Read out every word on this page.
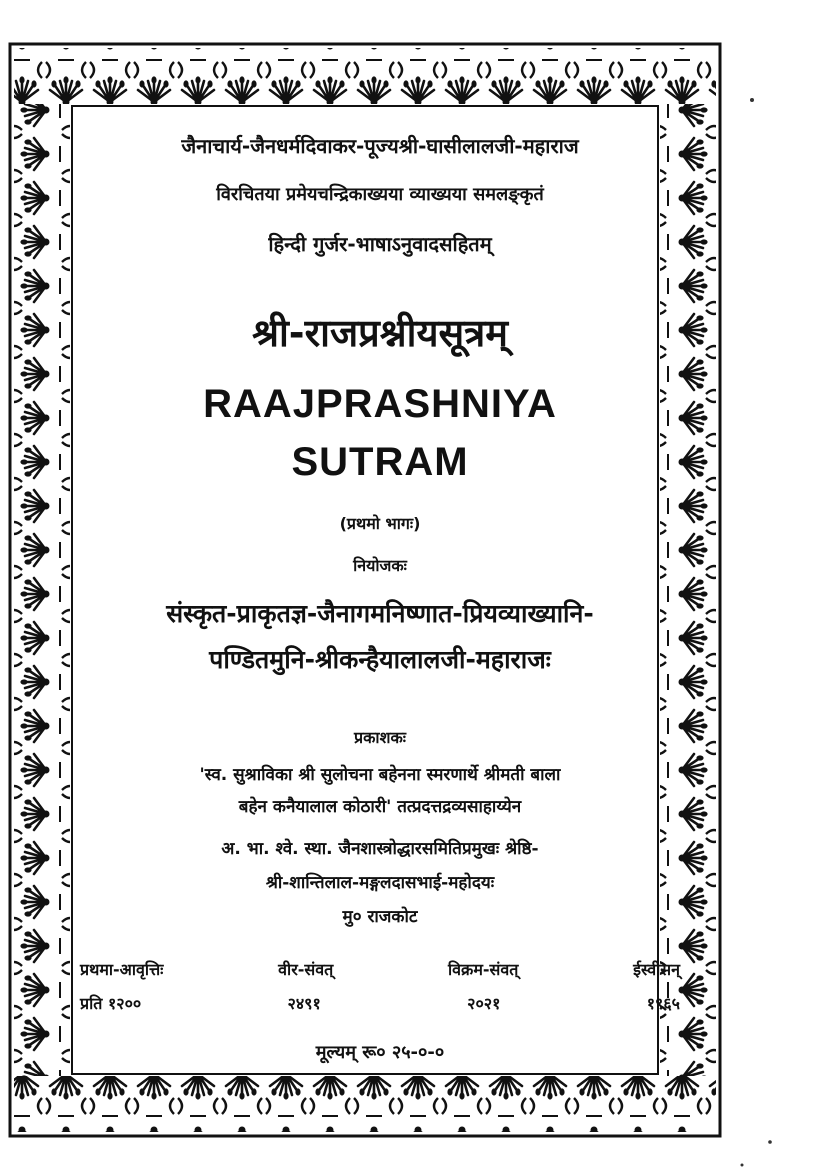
जैनाचार्य-जैनधर्मदिवाकर-पूज्यश्री-घासीलालजी-महाराज
विरचितया प्रमेयचन्द्रिकाख्यया व्याख्यया समलङ्कृतं
हिन्दी गुर्जर-भाषाऽनुवादसहितम्
श्री-राजप्रश्नीयसूत्रम्
RAAJPRASHNIYA
SUTRAM
(प्रथमो भागः)
नियोजकः
संस्कृत-प्राकृतज्ञ-जैनागमनिष्णात-प्रियव्याख्यानि-
पण्डितमुनि-श्रीकन्हैयालालजी-महाराजः
प्रकाशकः
'स्व. सुश्राविका श्री सुलोचना बहेनना स्मरणार्थे श्रीमती बाला
बहेन कनैयालाल कोठारी' तत्प्रदत्तद्रव्यसाहाय्येन
अ. भा. श्वे. स्था. जैनशास्त्रोद्धारसमितिप्रमुखः श्रेष्ठि-
श्री-शान्तिलाल-मङ्गलदासभाई-महोदयः
मु० राजकोट
प्रथमा-आवृत्तिः	वीर-संवत्	विक्रम-संवत्	ईस्वीसन्
प्रति १२००	२४९१	२०२१	१९६५
मूल्यम् रू० २५-०-०
